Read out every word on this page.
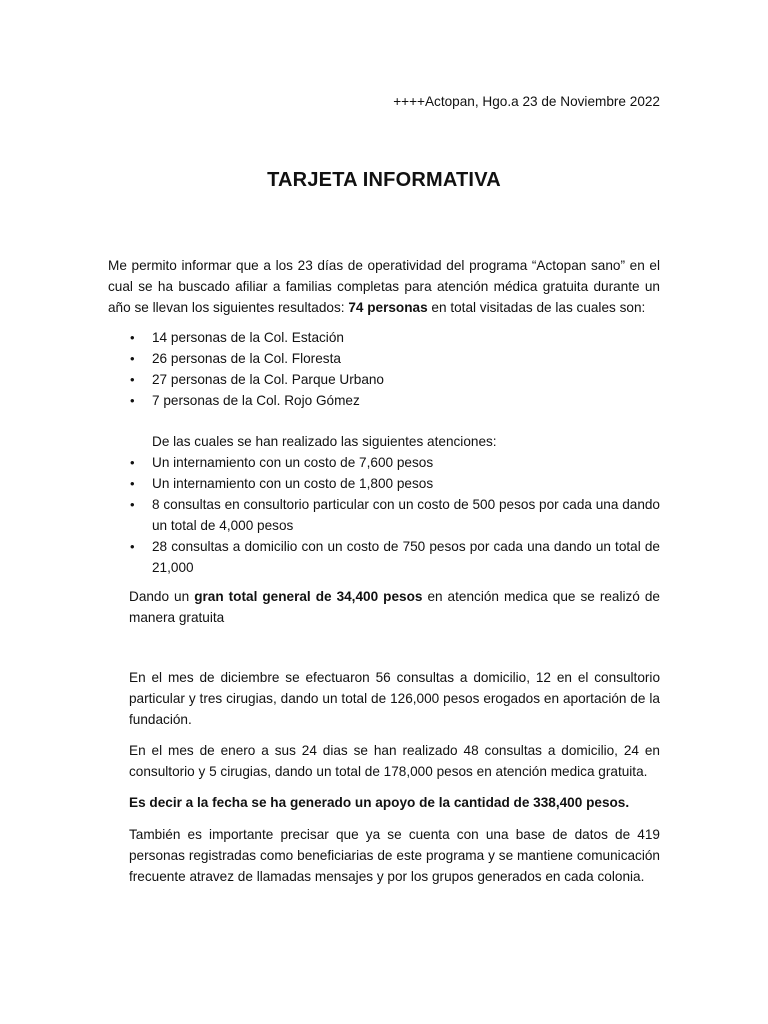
++++Actopan, Hgo.a 23 de Noviembre 2022
TARJETA INFORMATIVA

Me permito informar que a los 23 días de operatividad del programa “Actopan sano” en el cual se ha buscado afiliar a familias completas para atención médica gratuita durante un año se llevan los siguientes resultados: 74 personas en total visitadas de las cuales son:

• 14 personas de la Col. Estación
• 26 personas de la Col. Floresta
• 27 personas de la Col. Parque Urbano
• 7 personas de la Col. Rojo Gómez

De las cuales se han realizado las siguientes atenciones:

• Un internamiento con un costo de 7,600 pesos
• Un internamiento con un costo de 1,800 pesos
• 8 consultas en consultorio particular con un costo de 500 pesos por cada una dando un total de 4,000 pesos
• 28 consultas a domicilio con un costo de 750 pesos por cada una dando un total de 21,000

Dando un gran total general de 34,400 pesos en atención medica que se realizó de manera gratuita

En el mes de diciembre se efectuaron 56 consultas a domicilio, 12 en el consultorio particular y tres cirugias, dando un total de 126,000 pesos erogados en aportación de la fundación.

En el mes de enero a sus 24 dias se han realizado 48 consultas a domicilio, 24 en consultorio y 5 cirugias, dando un total de 178,000 pesos en atención medica gratuita.

Es decir a la fecha se ha generado un apoyo de la cantidad de 338,400 pesos.

También es importante precisar que ya se cuenta con una base de datos de 419 personas registradas como beneficiarias de este programa y se mantiene comunicación frecuente atravez de llamadas mensajes y por los grupos generados en cada colonia.
